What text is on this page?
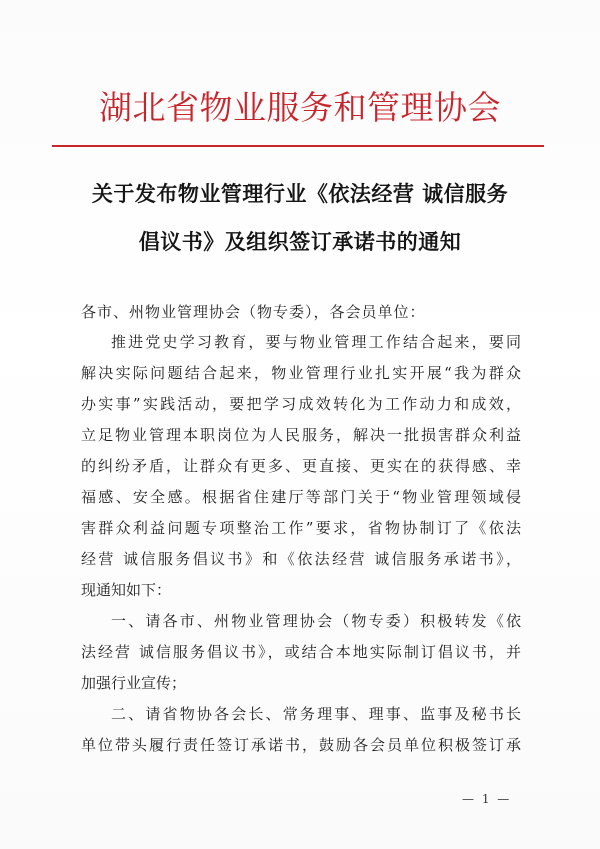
湖北省物业服务和管理协会
关于发布物业管理行业《依法经营 诚信服务
倡议书》及组织签订承诺书的通知
各市、州物业管理协会（物专委），各会员单位：
推进党史学习教育，要与物业管理工作结合起来，要同
解决实际问题结合起来，物业管理行业扎实开展“我为群众
办实事”实践活动，要把学习成效转化为工作动力和成效，
立足物业管理本职岗位为人民服务，解决一批损害群众利益
的纠纷矛盾，让群众有更多、更直接、更实在的获得感、幸
福感、安全感。根据省住建厅等部门关于“物业管理领域侵
害群众利益问题专项整治工作”要求，省物协制订了《依法
经营 诚信服务倡议书》和《依法经营 诚信服务承诺书》，
现通知如下：
一、请各市、州物业管理协会（物专委）积极转发《依
法经营 诚信服务倡议书》，或结合本地实际制订倡议书，并
加强行业宣传；
二、请省物协各会长、常务理事、理事、监事及秘书长
单位带头履行责任签订承诺书，鼓励各会员单位积极签订承
— 1 —
